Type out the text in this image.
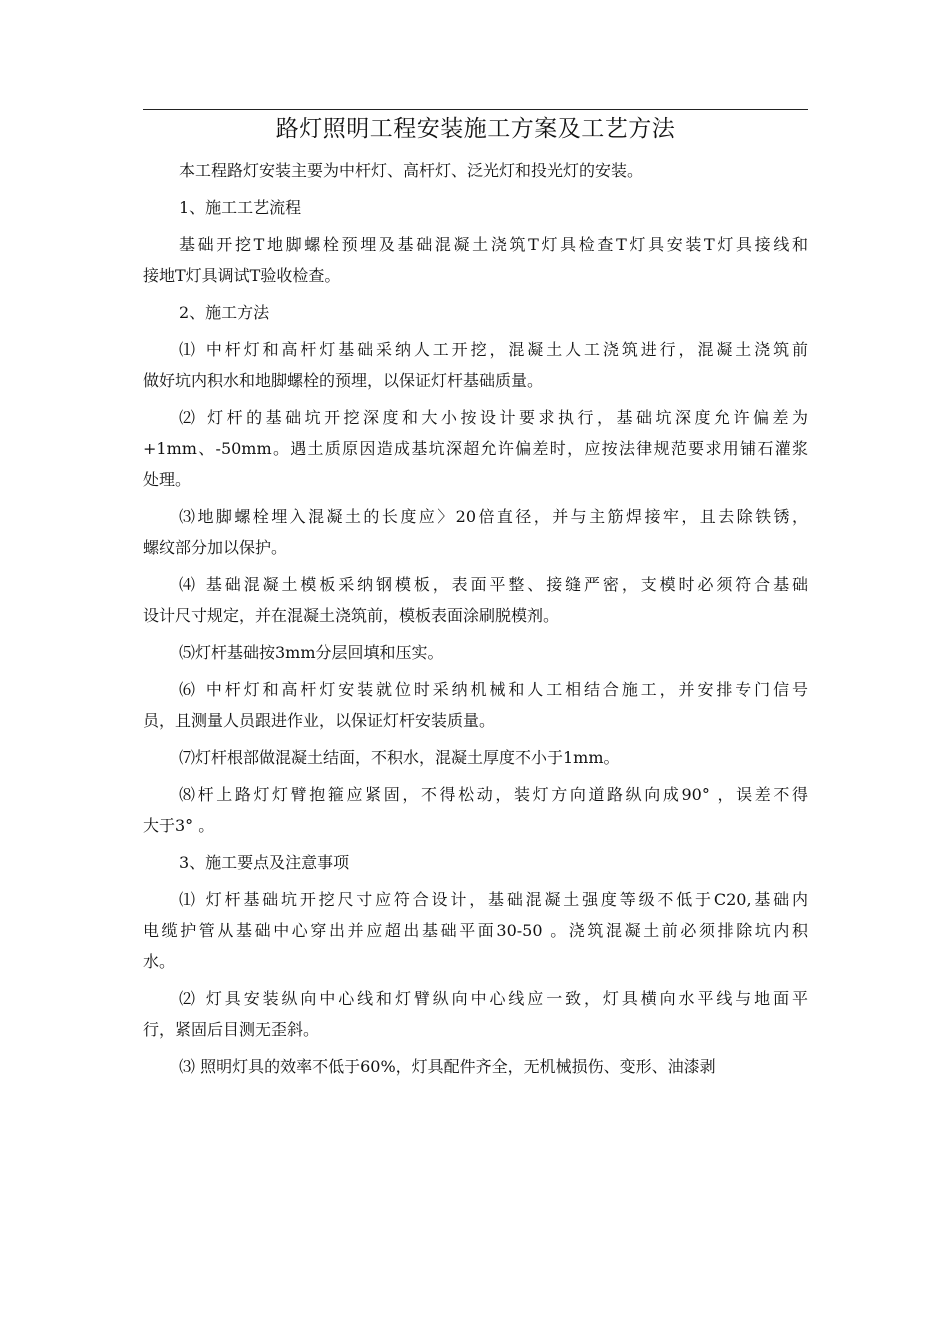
路灯照明工程安装施工方案及工艺方法
本工程路灯安装主要为中杆灯、高杆灯、泛光灯和投光灯的安装。
1、施工工艺流程
基础开挖T地脚螺栓预埋及基础混凝土浇筑T灯具检查T灯具安装T灯具接线和
接地T灯具调试T验收检查。
2、施工方法
⑴ 中杆灯和高杆灯基础采纳人工开挖，混凝土人工浇筑进行，混凝土浇筑前
做好坑内积水和地脚螺栓的预埋，以保证灯杆基础质量。
⑵ 灯杆的基础坑开挖深度和大小按设计要求执行，基础坑深度允许偏差为
+1mm、-50mm。遇土质原因造成基坑深超允许偏差时，应按法律规范要求用铺石灌浆
处理。
⑶地脚螺栓埋入混凝土的长度应〉20倍直径，并与主筋焊接牢，且去除铁锈，
螺纹部分加以保护。
⑷ 基础混凝土模板采纳钢模板，表面平整、接缝严密，支模时必须符合基础
设计尺寸规定，并在混凝土浇筑前，模板表面涂刷脱模剂。
⑸灯杆基础按3mm分层回填和压实。
⑹ 中杆灯和高杆灯安装就位时采纳机械和人工相结合施工，并安排专门信号
员，且测量人员跟进作业，以保证灯杆安装质量。
⑺灯杆根部做混凝土结面，不积水，混凝土厚度不小于1mm。
⑻杆上路灯灯臂抱箍应紧固，不得松动，装灯方向道路纵向成90° ，误差不得
大于3° 。
3、施工要点及注意事项
⑴ 灯杆基础坑开挖尺寸应符合设计，基础混凝土强度等级不低于C20,基础内
电缆护管从基础中心穿出并应超出基础平面30-50 。浇筑混凝土前必须排除坑内积
水。
⑵ 灯具安装纵向中心线和灯臂纵向中心线应一致，灯具横向水平线与地面平
行，紧固后目测无歪斜。
⑶ 照明灯具的效率不低于60%，灯具配件齐全，无机械损伤、变形、油漆剥
